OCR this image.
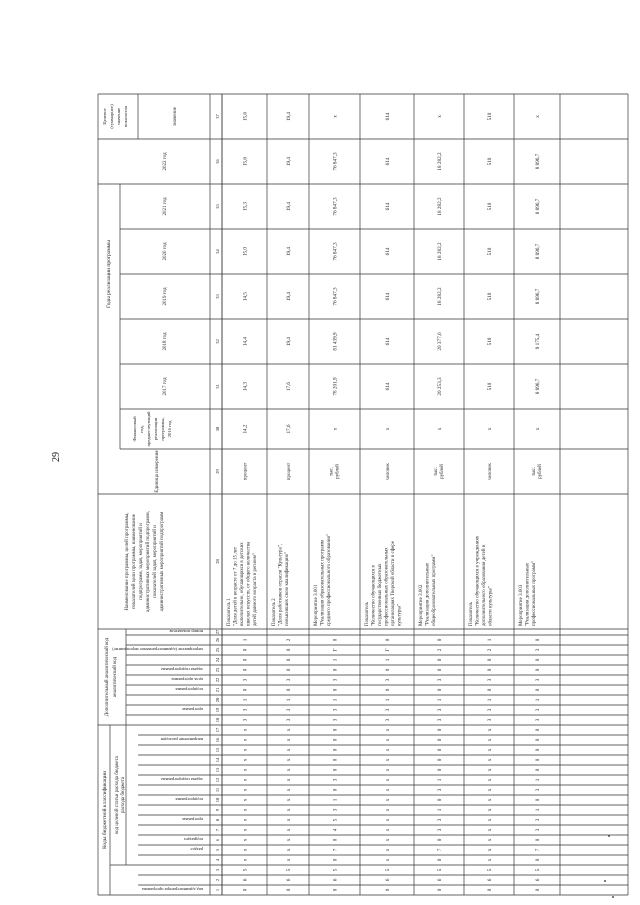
29
Коды бюджетной классификации код целевой статьи расхода бюджета расхода бюджета
Дополнительный аналитический код аналитический код
код администратора программы
раздел
подраздел
программа
подпрограмма
задача подпрограммы
направление расходов
программа
подпрограмма
цель программы
задача подпрограммы
мероприятие (административное мероприятие)
номер показателя
Наименование программы, целей программы, показателей цели программы, наименование подпрограмм, задач, мероприятий и административных мероприятий подпрограмм, показателей задач, мероприятий и административных мероприятий подпрограмм
Единица измерения
Финансовый год, предшествующий реализации программы, 2016 год
Годы реализации программы
2017 год
2018 год
2019 год
2020 год
2021 год
2022 год
Целевое (суммарное) значение показателя	значение
1
2
3
4
5
6
7
8
9
10
11
12
13
14
15
16
17
18
19
20
21
22
23
24
25
26
27
28
29
30
31
32
33
34
35
36
37
0
6
5
x
x
x
x
x
x
x
x
x
x
x
x
x
x
3
3
1
0
3
0
0
0
1
Показатель 1 "Доля детей в возрасте от 7 до 15 лет включительно, обучающихся в детских школах искусств, от общего количества детей данного возраста в регионе"
процент
14,2
14,3
14,4
14,5
15,0
15,3
15,6
15,6
0
6
5
x
x
x
x
x
x
x
x
x
x
x
x
x
x
3
3
1
0
3
0
0
0
2
Показатель 2 "Доля работников отрасли "Культура", повысивших свою квалификацию"
процент
17,6
17,6
19,4
19,4
19,4
19,4
19,4
19,4
0
6
5
0
7
0
4
5
3
1
0
3
0
0
0
0
0
3
3
1
0
3
0
1
Г
0
Мероприятие 3.001 "Реализация образовательных программ среднего профессионального образования"
тыс. рублей
x
78 201,9
81 439,9
76 847,3
76 847,3
76 847,3
76 847,3
x
0
6
5
x
x
x
x
x
x
x
x
x
x
x
x
x
x
3
3
1
0
3
0
1
Г
0
Показатель "Количество обучающихся в государственных бюджетных профессиональных образовательных организациях Тверской области в сфере культуры"
человек
x
614
614
614
614
614
614
614
0
6
5
0
7
0
3
3
1
0
3
1
0
0
0
0
0
3
3
1
0
3
0
0
2
0
Мероприятие 3.002 "Реализация дополнительных общеобразовательных программ"
тыс. рублей
x
20 253,3
20 377,6
18 282,2
18 282,2
18 282,2
18 282,2
x
0
6
5
x
x
x
x
x
x
x
x
x
x
x
x
x
x
3
3
1
0
3
0
0
2
1
Показатель "Количество обучающихся в учреждениях дополнительного образования детей в области культуры"
человек
x
510
510
510
510
510
510
510
0
6
5
0
7
0
3
3
1
0
3
1
0
0
0
0
0
3
3
1
0
3
0
0
3
0
Мероприятие 3.003 "Реализация дополнительных профессиональных программ"
тыс. рублей
x
8 896,7
9 175,4
8 896,7
8 896,7
8 896,7
8 896,7
x
